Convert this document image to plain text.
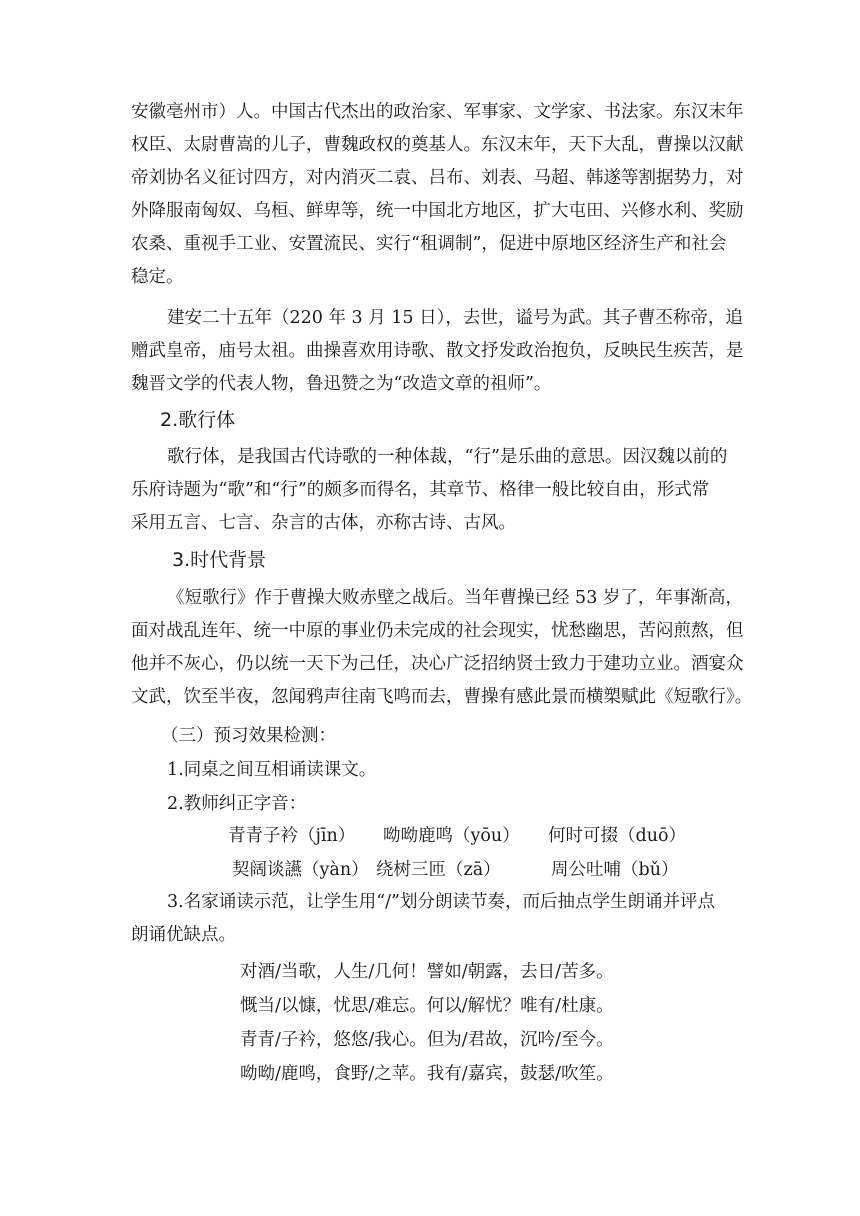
安徽亳州市）人。中国古代杰出的政治家、军事家、文学家、书法家。东汉末年
权臣、太尉曹嵩的儿子，曹魏政权的奠基人。东汉末年，天下大乱，曹操以汉献
帝刘协名义征讨四方，对内消灭二袁、吕布、刘表、马超、韩遂等割据势力，对
外降服南匈奴、乌桓、鲜卑等，统一中国北方地区，扩大屯田、兴修水利、奖励
农桑、重视手工业、安置流民、实行“租调制”，促进中原地区经济生产和社会
稳定。
建安二十五年（220 年 3 月 15 日），去世，谥号为武。其子曹丕称帝，追
赠武皇帝，庙号太祖。曲操喜欢用诗歌、散文抒发政治抱负，反映民生疾苦，是
魏晋文学的代表人物，鲁迅赞之为“改造文章的祖师”。
2.歌行体
歌行体，是我国古代诗歌的一种体裁，“行”是乐曲的意思。因汉魏以前的
乐府诗题为“歌”和“行”的颇多而得名，其章节、格律一般比较自由，形式常
采用五言、七言、杂言的古体，亦称古诗、古风。
3.时代背景
《短歌行》作于曹操大败赤壁之战后。当年曹操已经 53 岁了，年事渐高，
面对战乱连年、统一中原的事业仍未完成的社会现实，忧愁幽思，苦闷煎熬，但
他并不灰心，仍以统一天下为己任，决心广泛招纳贤士致力于建功立业。酒宴众
文武，饮至半夜，忽闻鸦声往南飞鸣而去，曹操有感此景而横槊赋此《短歌行》。
（三）预习效果检测：
1.同桌之间互相诵读课文。
2.教师纠正字音：
青青子衿（jīn） 呦呦鹿鸣（yōu） 何时可掇（duō）
契阔谈讌（yàn） 绕树三匝（zā）	周公吐哺（bǔ）
3.名家诵读示范，让学生用“/”划分朗读节奏，而后抽点学生朗诵并评点
朗诵优缺点。
对酒/当歌，人生/几何！譬如/朝露，去日/苦多。
慨当/以慷，忧思/难忘。何以/解忧？唯有/杜康。
青青/子衿，悠悠/我心。但为/君故，沉吟/至今。
呦呦/鹿鸣，食野/之苹。我有/嘉宾，鼓瑟/吹笙。
